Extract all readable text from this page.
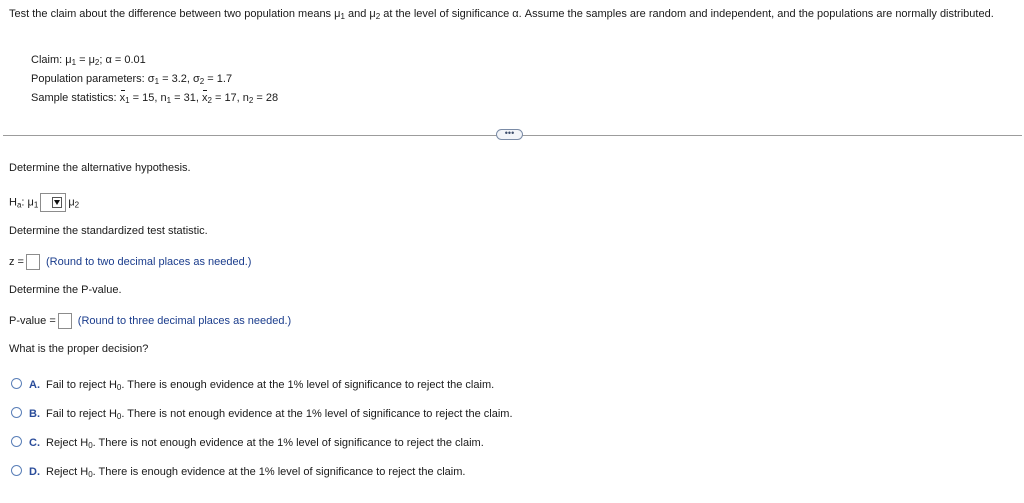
Test the claim about the difference between two population means $\mu_1$ and $\mu_2$ at the level of significance α. Assume the samples are random and independent, and the populations are normally distributed.
Claim: $\mu_1 = \mu_2$; α = 0.01
Population parameters: $\sigma_1 = 3.2$, $\sigma_2 = 1.7$
Sample statistics: $x_1 = 15$, $n_1 = 31$, $x_2 = 17$, $n_2 = 28$
•••
Determine the alternative hypothesis.
$H_a$: $\mu_1$	$\mu_2$
Determine the standardized test statistic.
z = (Round to two decimal places as needed.)
Determine the P-value.
P-value = (Round to three decimal places as needed.)
What is the proper decision?
A. Fail to reject $H_0$. There is enough evidence at the 1% level of significance to reject the claim.
B. Fail to reject $H_0$. There is not enough evidence at the 1% level of significance to reject the claim.
C. Reject $H_0$. There is not enough evidence at the 1% level of significance to reject the claim.
D. Reject $H_0$. There is enough evidence at the 1% level of significance to reject the claim.
